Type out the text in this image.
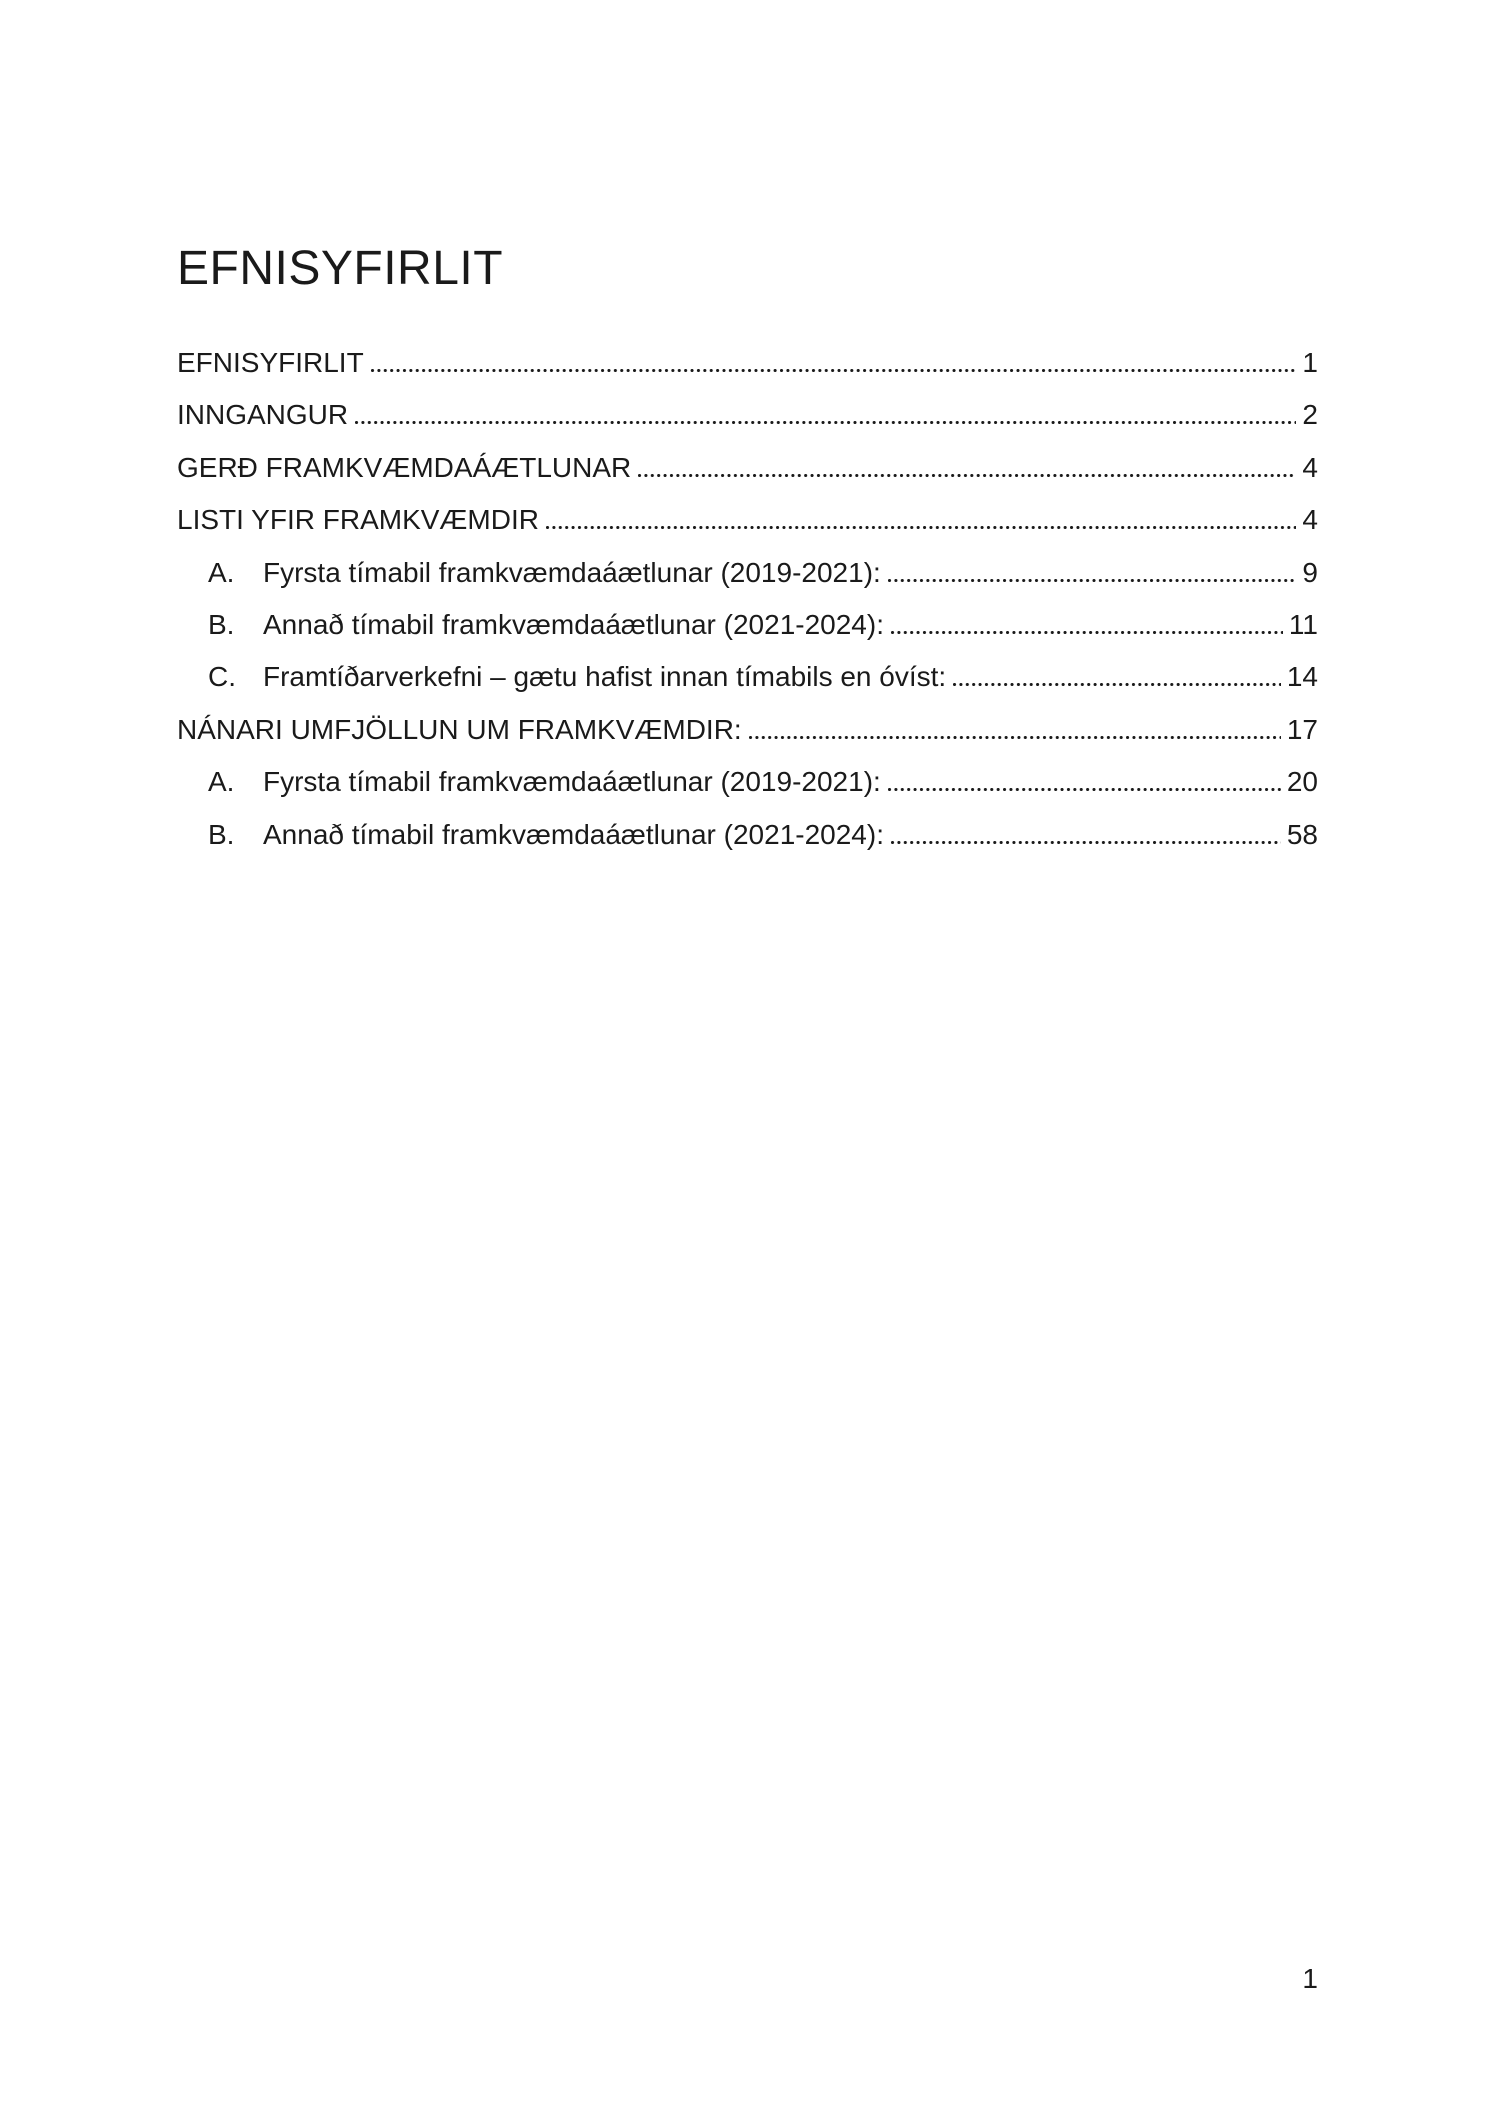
EFNISYFIRLIT
EFNISYFIRLIT	1
INNGANGUR	2
GERÐ FRAMKVÆMDAÁÆTLUNAR	4
LISTI YFIR FRAMKVÆMDIR	4
A.	Fyrsta tímabil framkvæmdaáætlunar (2019-2021):	9
B.	Annað tímabil framkvæmdaáætlunar (2021-2024):	11
C. Framtíðarverkefni – gætu hafist innan tímabils en óvíst:	14
NÁNARI UMFJÖLLUN UM FRAMKVÆMDIR:	17
A.	Fyrsta tímabil framkvæmdaáætlunar (2019-2021):	20
B.	Annað tímabil framkvæmdaáætlunar (2021-2024):	58
1
